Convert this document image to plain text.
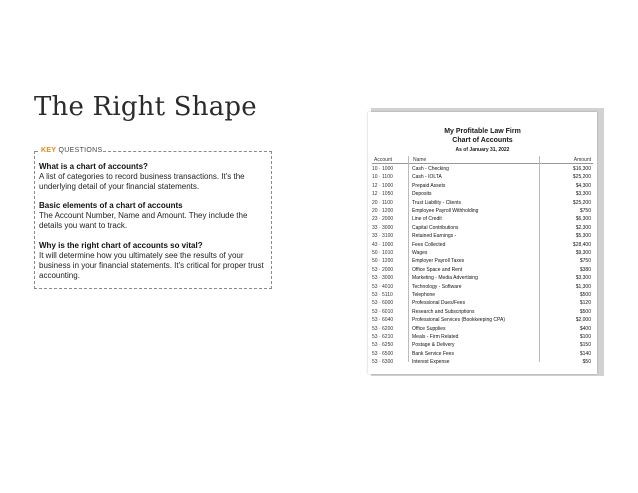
The Right Shape
KEY QUESTIONS
What is a chart of accounts?
A list of categories to record business transactions. It's the underlying detail of your financial statements.
Basic elements of a chart of accounts
The Account Number, Name and Amount. They include the details you want to track.
Why is the right chart of accounts so vital?
It will determine how you ultimately see the results of your business in your financial statements. It's critical for proper trust accounting.
My Profitable Law Firm
Chart of Accounts
As of January 31, 2022
Account	Name	Amount
10 · 1000	Cash - Checking	$16,300
10 · 1100	Cash - IOLTA	$25,200
12 · 1000	Prepaid Assets	$4,300
12 · 1050	Deposits	$3,300
20 · 1100	Trust Liability - Clients	$25,200
20 · 1200	Employee Payroll Withholding	$750
23 · 2000	Line of Credit	$6,300
33 · 3000	Capital Contributions	$2,300
33 · 3100	Retained Earnings -	$5,300
43 · 1000	Fees Collected	$28,400
50 · 1010	Wages	$9,300
50 · 1200	Employer Payroll Taxes	$750
53 · 2000	Office Space and Rent	$380
53 · 3000	Marketing - Media Advertising	$3,300
53 · 4010	Technology - Software	$1,300
53 · 5110	Telephone	$500
53 · 6000	Professional Dues/Fees	$120
53 · 6010	Research and Subscriptions	$500
53 · 6040	Professional Services (Bookkeeping CPA)	$2,000
53 · 6200	Office Supplies	$400
53 · 6210	Meals - Firm Related	$100
53 · 6250	Postage & Delivery	$150
53 · 6500	Bank Service Fees	$140
53 · 6300	Interest Expense	$50
